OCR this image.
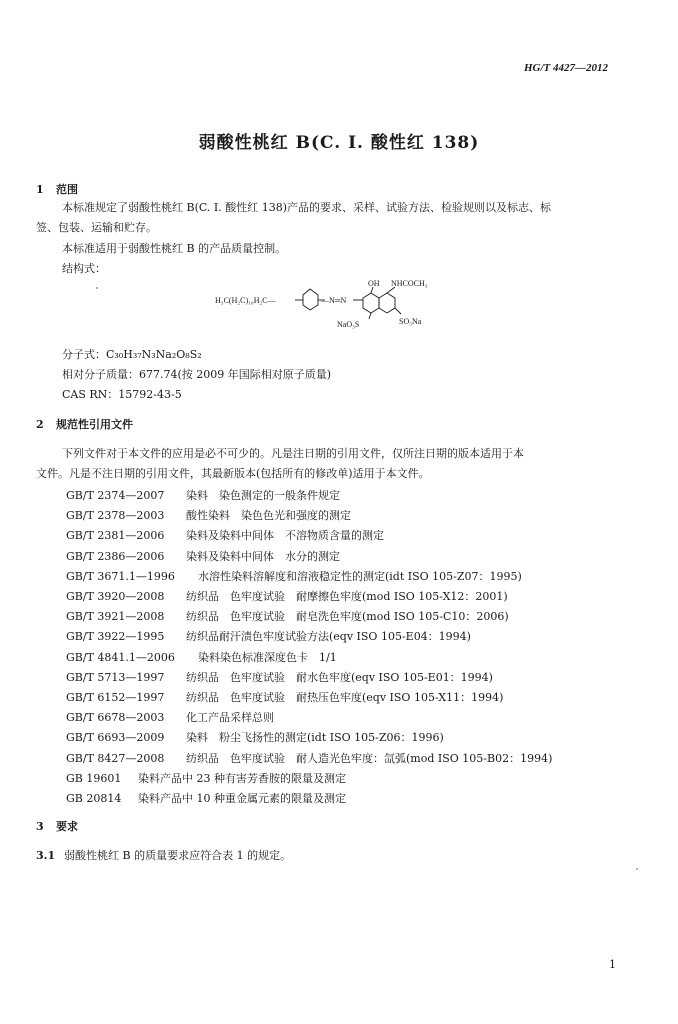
HG/T 4427—2012
弱酸性桃红 B(C. I. 酸性红 138)
1 范围
本标准规定了弱酸性桃红 B(C. I. 酸性红 138)产品的要求、采样、试验方法、检验规则以及标志、标
签、包装、运输和贮存。
本标准适用于弱酸性桃红 B 的产品质量控制。
结构式：
H₃C(H₂C)₁₀H₂C—	—N═N
OH NHCOCH₃
NaO₃S	SO₃Na
分子式：C₃₀H₃₇N₃Na₂O₈S₂
相对分子质量：677.74(按 2009 年国际相对原子质量)
CAS RN：15792-43-5
2 规范性引用文件
下列文件对于本文件的应用是必不可少的。凡是注日期的引用文件，仅所注日期的版本适用于本
文件。凡是不注日期的引用文件，其最新版本(包括所有的修改单)适用于本文件。
GB/T 2374—2007 染料　染色测定的一般条件规定
GB/T 2378—2003 酸性染料　染色色光和强度的测定
GB/T 2381—2006 染料及染料中间体　不溶物质含量的测定
GB/T 2386—2006 染料及染料中间体　水分的测定
GB/T 3671.1—1996 水溶性染料溶解度和溶液稳定性的测定(idt ISO 105-Z07：1995)
GB/T 3920—2008 纺织品　色牢度试验　耐摩擦色牢度(mod ISO 105-X12：2001)
GB/T 3921—2008 纺织品　色牢度试验　耐皂洗色牢度(mod ISO 105-C10：2006)
GB/T 3922—1995 纺织品耐汗渍色牢度试验方法(eqv ISO 105-E04：1994)
GB/T 4841.1—2006 染料染色标准深度色卡　1/1
GB/T 5713—1997 纺织品　色牢度试验　耐水色牢度(eqv ISO 105-E01：1994)
GB/T 6152—1997 纺织品　色牢度试验　耐热压色牢度(eqv ISO 105-X11：1994)
GB/T 6678—2003 化工产品采样总则
GB/T 6693—2009 染料　粉尘飞扬性的测定(idt ISO 105-Z06：1996)
GB/T 8427—2008 纺织品　色牢度试验　耐人造光色牢度：氙弧(mod ISO 105-B02：1994)
GB 19601 染料产品中 23 种有害芳香胺的限量及测定
GB 20814 染料产品中 10 种重金属元素的限量及测定
3 要求
3.1 弱酸性桃红 B 的质量要求应符合表 1 的规定。
1
